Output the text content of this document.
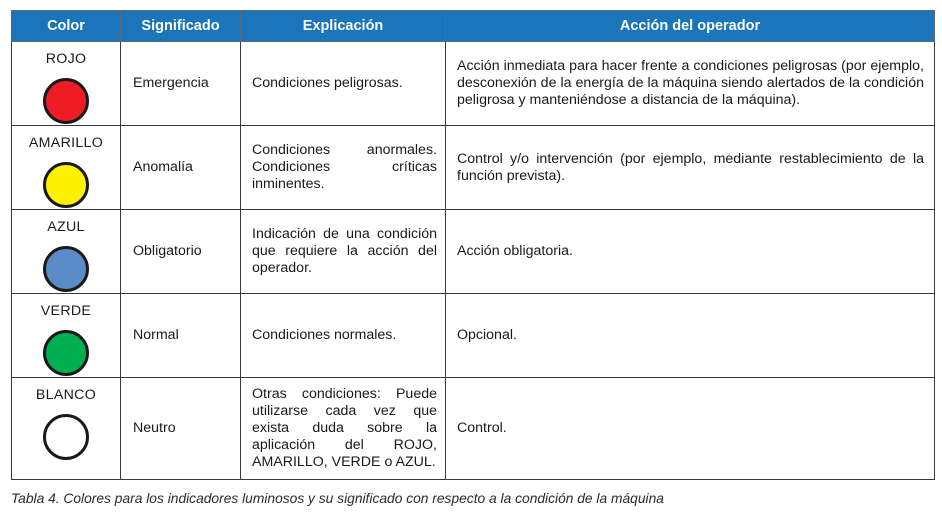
Color	Significado	Explicación	Acción del operador

ROJO	Emergencia	Condiciones peligrosas.	Acción inmediata para hacer frente a condiciones peligrosas (por ejemplo, desconexión de la energía de la máquina siendo alertados de la condición peligrosa y manteniéndose a distancia de la máquina).

AMARILLO	Anomalía	Condiciones anormales. Condiciones críticas inminentes.	Control y/o intervención (por ejemplo, mediante restablecimiento de la función prevista).

AZUL	Obligatorio	Indicación de una condición que requiere la acción del operador.	Acción obligatoria.

VERDE	Normal	Condiciones normales.	Opcional.

BLANCO	Neutro	Otras condiciones: Puede utilizarse cada vez que exista duda sobre la aplicación del ROJO, AMARILLO, VERDE o AZUL.	Control.
Tabla 4. Colores para los indicadores luminosos y su significado con respecto a la condición de la máquina
